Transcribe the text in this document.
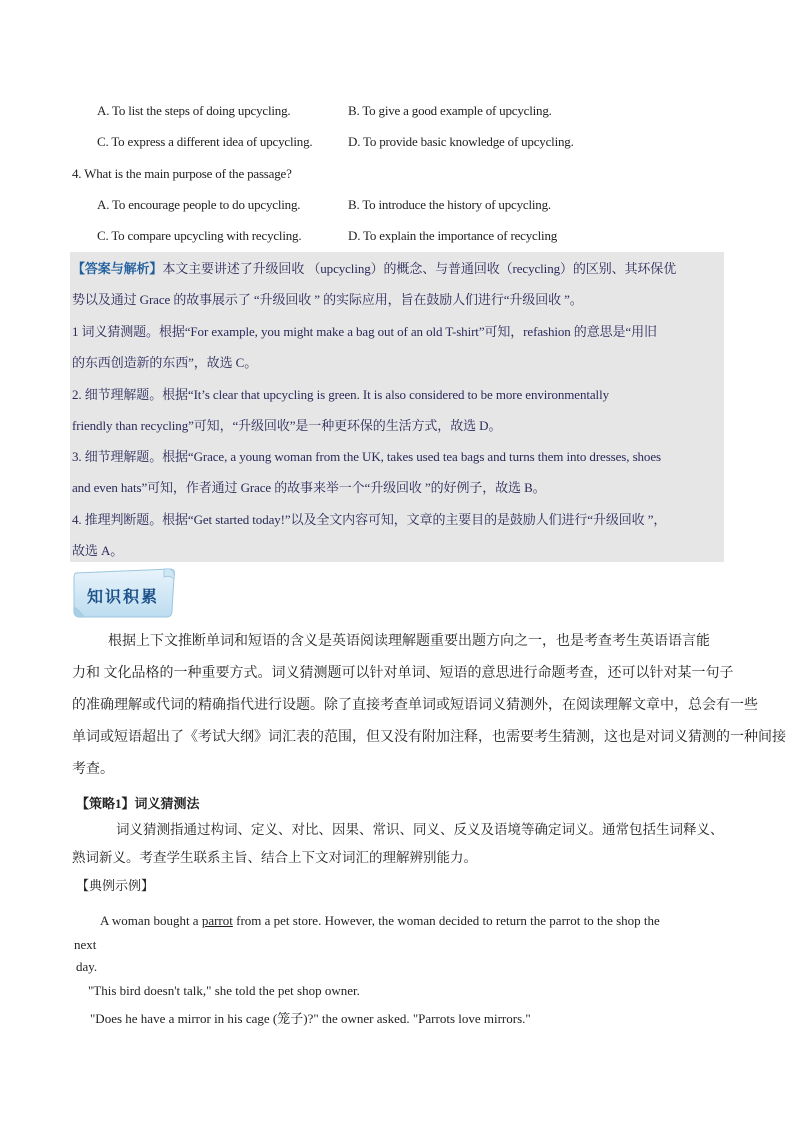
A. To list the steps of doing upcycling.	B. To give a good example of upcycling.
C. To express a different idea of upcycling.	D. To provide basic knowledge of upcycling.
4. What is the main purpose of the passage?
A. To encourage people to do upcycling.	B. To introduce the history of upcycling.
C. To compare upcycling with recycling.	D. To explain the importance of recycling
【答案与解析】本文主要讲述了升级回收 （upcycling）的概念、与普通回收（recycling）的区别、其环保优
势以及通过 Grace 的故事展示了 “升级回收 ” 的实际应用，旨在鼓励人们进行“升级回收 ”。
1 词义猜测题。根据“For example, you might make a bag out of an old T-shirt”可知，refashion 的意思是“用旧
的东西创造新的东西”，故选 C。
2. 细节理解题。根据“It’s clear that upcycling is green. It is also considered to be more environmentally
friendly than recycling”可知，“升级回收”是一种更环保的生活方式，故选 D。
3. 细节理解题。根据“Grace, a young woman from the UK, takes used tea bags and turns them into dresses, shoes
and even hats”可知，作者通过 Grace 的故事来举一个“升级回收 ”的好例子，故选 B。
4. 推理判断题。根据“Get started today!”以及全文内容可知，文章的主要目的是鼓励人们进行“升级回收 ”，
故选 A。
知识积累
根据上下文推断单词和短语的含义是英语阅读理解题重要出题方向之一，也是考查考生英语语言能
力和 文化品格的一种重要方式。词义猜测题可以针对单词、短语的意思进行命题考查，还可以针对某一句子
的准确理解或代词的精确指代进行设题。除了直接考查单词或短语词义猜测外，在阅读理解文章中，总会有一些
单词或短语超出了《考试大纲》词汇表的范围，但又没有附加注释，也需要考生猜测，这也是对词义猜测的一种间接
考查。
【策略1】词义猜测法
词义猜测指通过构词、定义、对比、因果、常识、同义、反义及语境等确定词义。通常包括生词释义、
熟词新义。考查学生联系主旨、结合上下文对词汇的理解辨别能力。
【典例示例】
A woman bought a parrot from a pet store. However, the woman decided to return the parrot to the shop the
next
day.
"This bird doesn't talk," she told the pet shop owner.
"Does he have a mirror in his cage (笼子)?" the owner asked. "Parrots love mirrors."
